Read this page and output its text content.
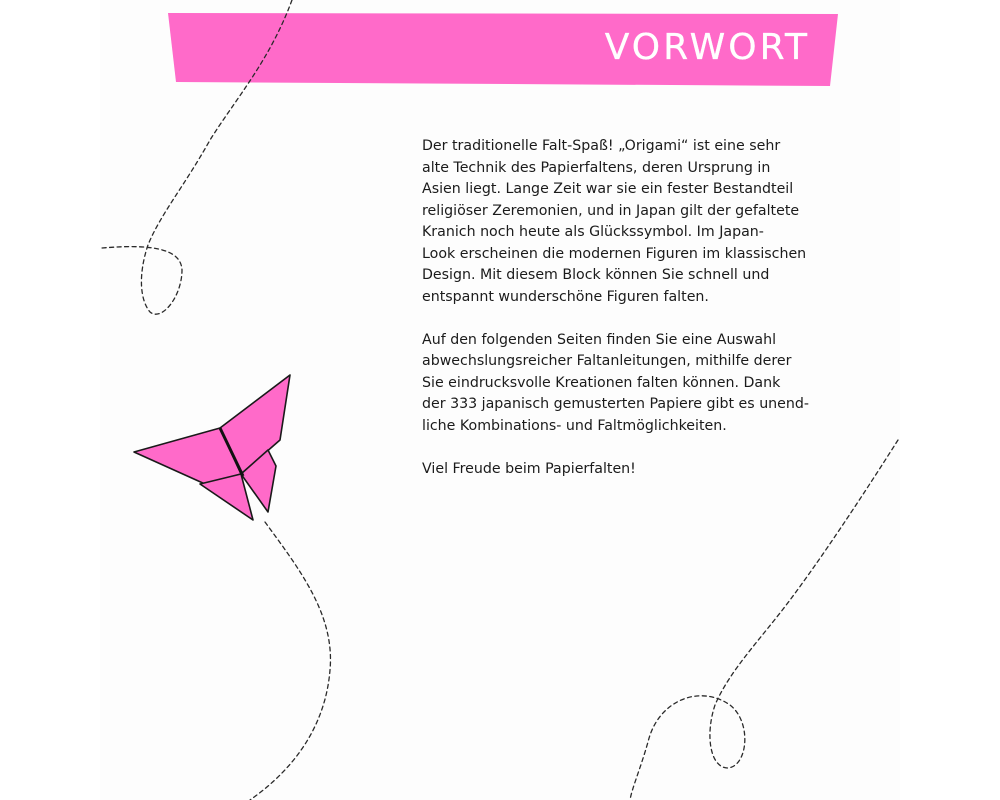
VORWORT

Der traditionelle Falt-Spaß! „Origami“ ist eine sehr
alte Technik des Papierfaltens, deren Ursprung in
Asien liegt. Lange Zeit war sie ein fester Bestandteil
religiöser Zeremonien, und in Japan gilt der gefaltete
Kranich noch heute als Glückssymbol. Im Japan-
Look erscheinen die modernen Figuren im klassischen
Design. Mit diesem Block können Sie schnell und
entspannt wunderschöne Figuren falten.

Auf den folgenden Seiten finden Sie eine Auswahl
abwechslungsreicher Faltanleitungen, mithilfe derer
Sie eindrucksvolle Kreationen falten können. Dank
der 333 japanisch gemusterten Papiere gibt es unend-
liche Kombinations- und Faltmöglichkeiten.

Viel Freude beim Papierfalten!
